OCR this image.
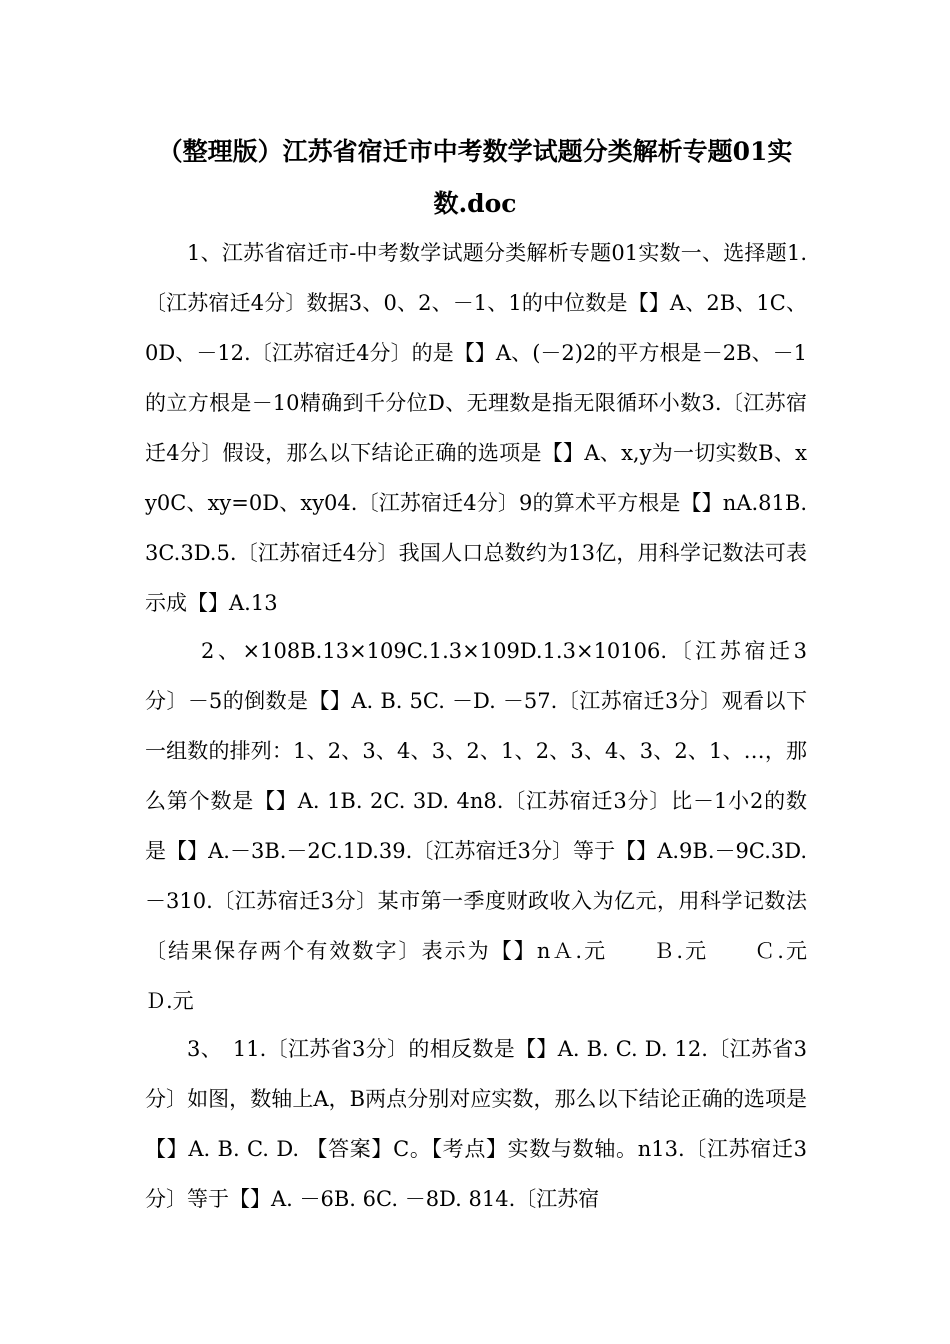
（整理版）江苏省宿迁市中考数学试题分类解析专题01实数.doc

1、江苏省宿迁市-中考数学试题分类解析专题01实数一、选择题1.〔江苏宿迁4分〕数据3、0、2、－1、1的中位数是【】A、2B、1C、0D、－12.〔江苏宿迁4分〕的是【】A、(－2)2的平方根是－2B、－1的立方根是－10精确到千分位D、无理数是指无限循环小数3.〔江苏宿迁4分〕假设，那么以下结论正确的选项是【】A、x,y为一切实数B、xy0C、xy=0D、xy04.〔江苏宿迁4分〕9的算术平方根是【】nA.81B.3C.3D.5.〔江苏宿迁4分〕我国人口总数约为13亿，用科学记数法可表示成【】A.13

2、×108B.13×109C.1.3×109D.1.3×10106.〔江苏宿迁3分〕－5的倒数是【】A. B. 5C. －D. －57.〔江苏宿迁3分〕观看以下一组数的排列：1、2、3、4、3、2、1、2、3、4、3、2、1、…，那么第个数是【】A. 1B. 2C. 3D. 4n8.〔江苏宿迁3分〕比－1小2的数是【】A.－3B.－2C.1D.39.〔江苏宿迁3分〕等于【】A.9B.－9C.3D.－310.〔江苏宿迁3分〕某市第一季度财政收入为亿元，用科学记数法〔结果保存两个有效数字〕表示为【】nＡ.元　　Ｂ.元　　Ｃ.元　　Ｄ.元

3、　11.〔江苏省3分〕的相反数是【】A. B. C. D. 12.〔江苏省3分〕如图，数轴上A，B两点分别对应实数，那么以下结论正确的选项是【】A. B. C. D. 【答案】C。【考点】实数与数轴。n13.〔江苏宿迁3分〕等于【】A. －6B. 6C. －8D. 814.〔江苏宿
